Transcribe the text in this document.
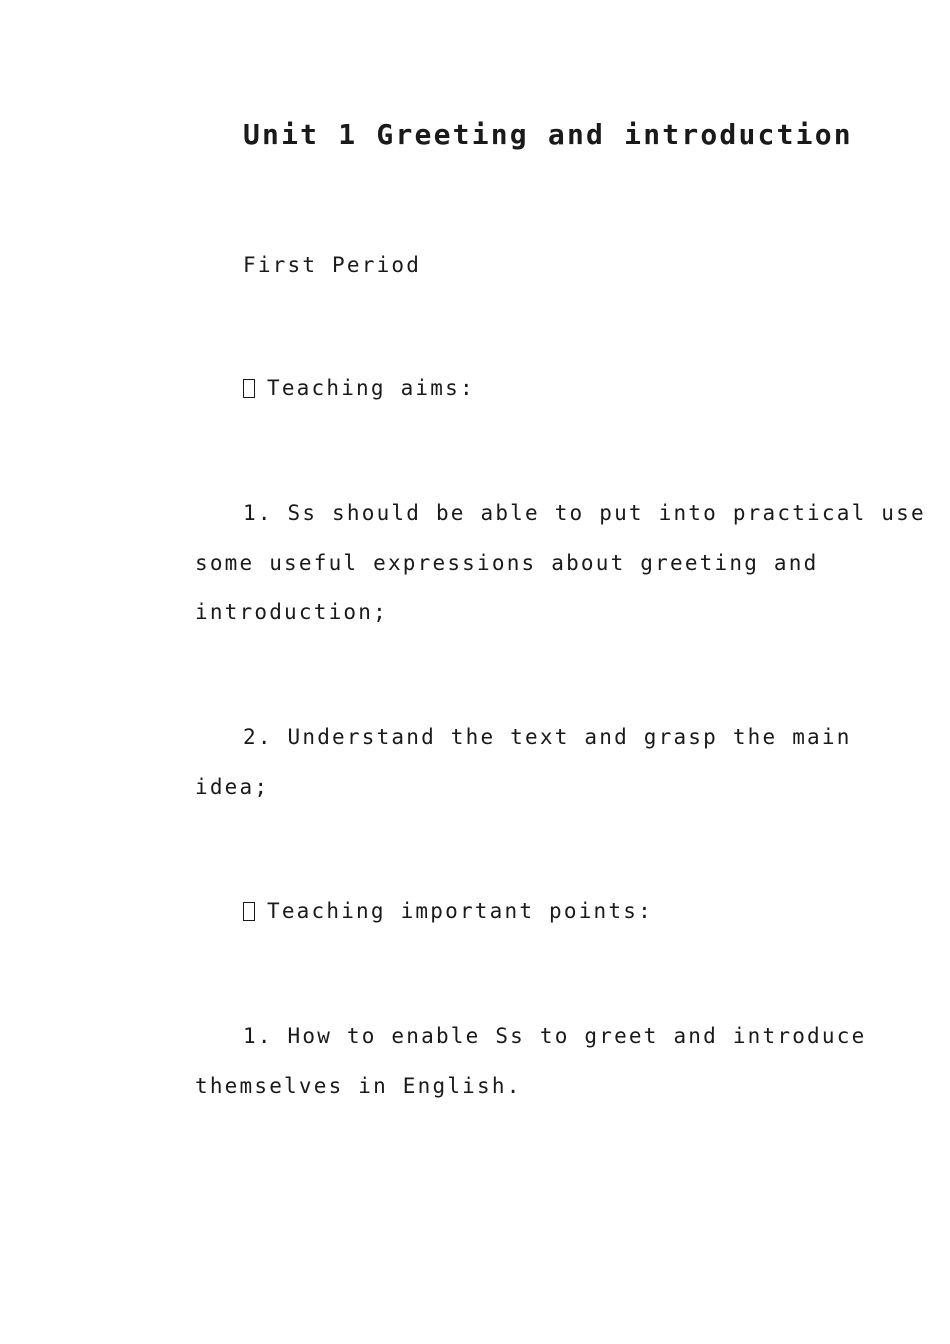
Unit 1 Greeting and introduction

First Period

Teaching aims:

1. Ss should be able to put into practical use

some useful expressions about greeting and

introduction;

2. Understand the text and grasp the main

idea;

Teaching important points:

1. How to enable Ss to greet and introduce

themselves in English.
